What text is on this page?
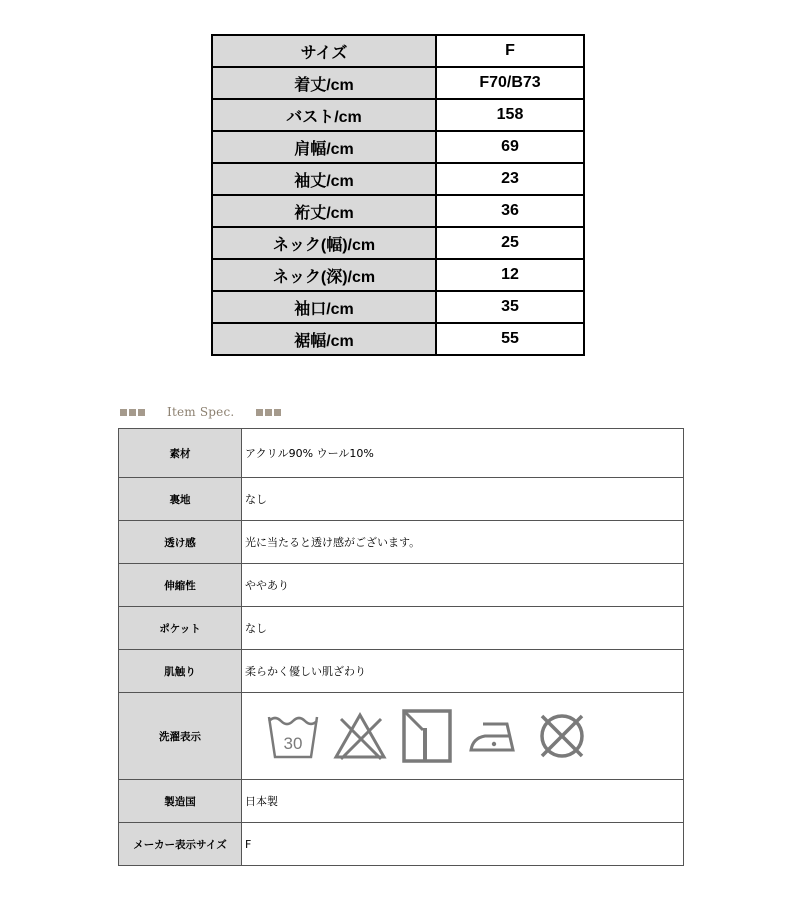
サイズ	F
着丈/cm	F70/B73
バスト/cm	158
肩幅/cm	69
袖丈/cm	23
裄丈/cm	36
ネック(幅)/cm	25
ネック(深)/cm	12
袖口/cm	35
裾幅/cm	55
Item Spec.
素材	アクリル90% ウール10%
裏地	なし
透け感	光に当たると透け感がございます。
伸縮性	ややあり
ポケット	なし
肌触り	柔らかく優しい肌ざわり
洗濯表示	30

製造国	日本製
メーカー表示サイズ	F
